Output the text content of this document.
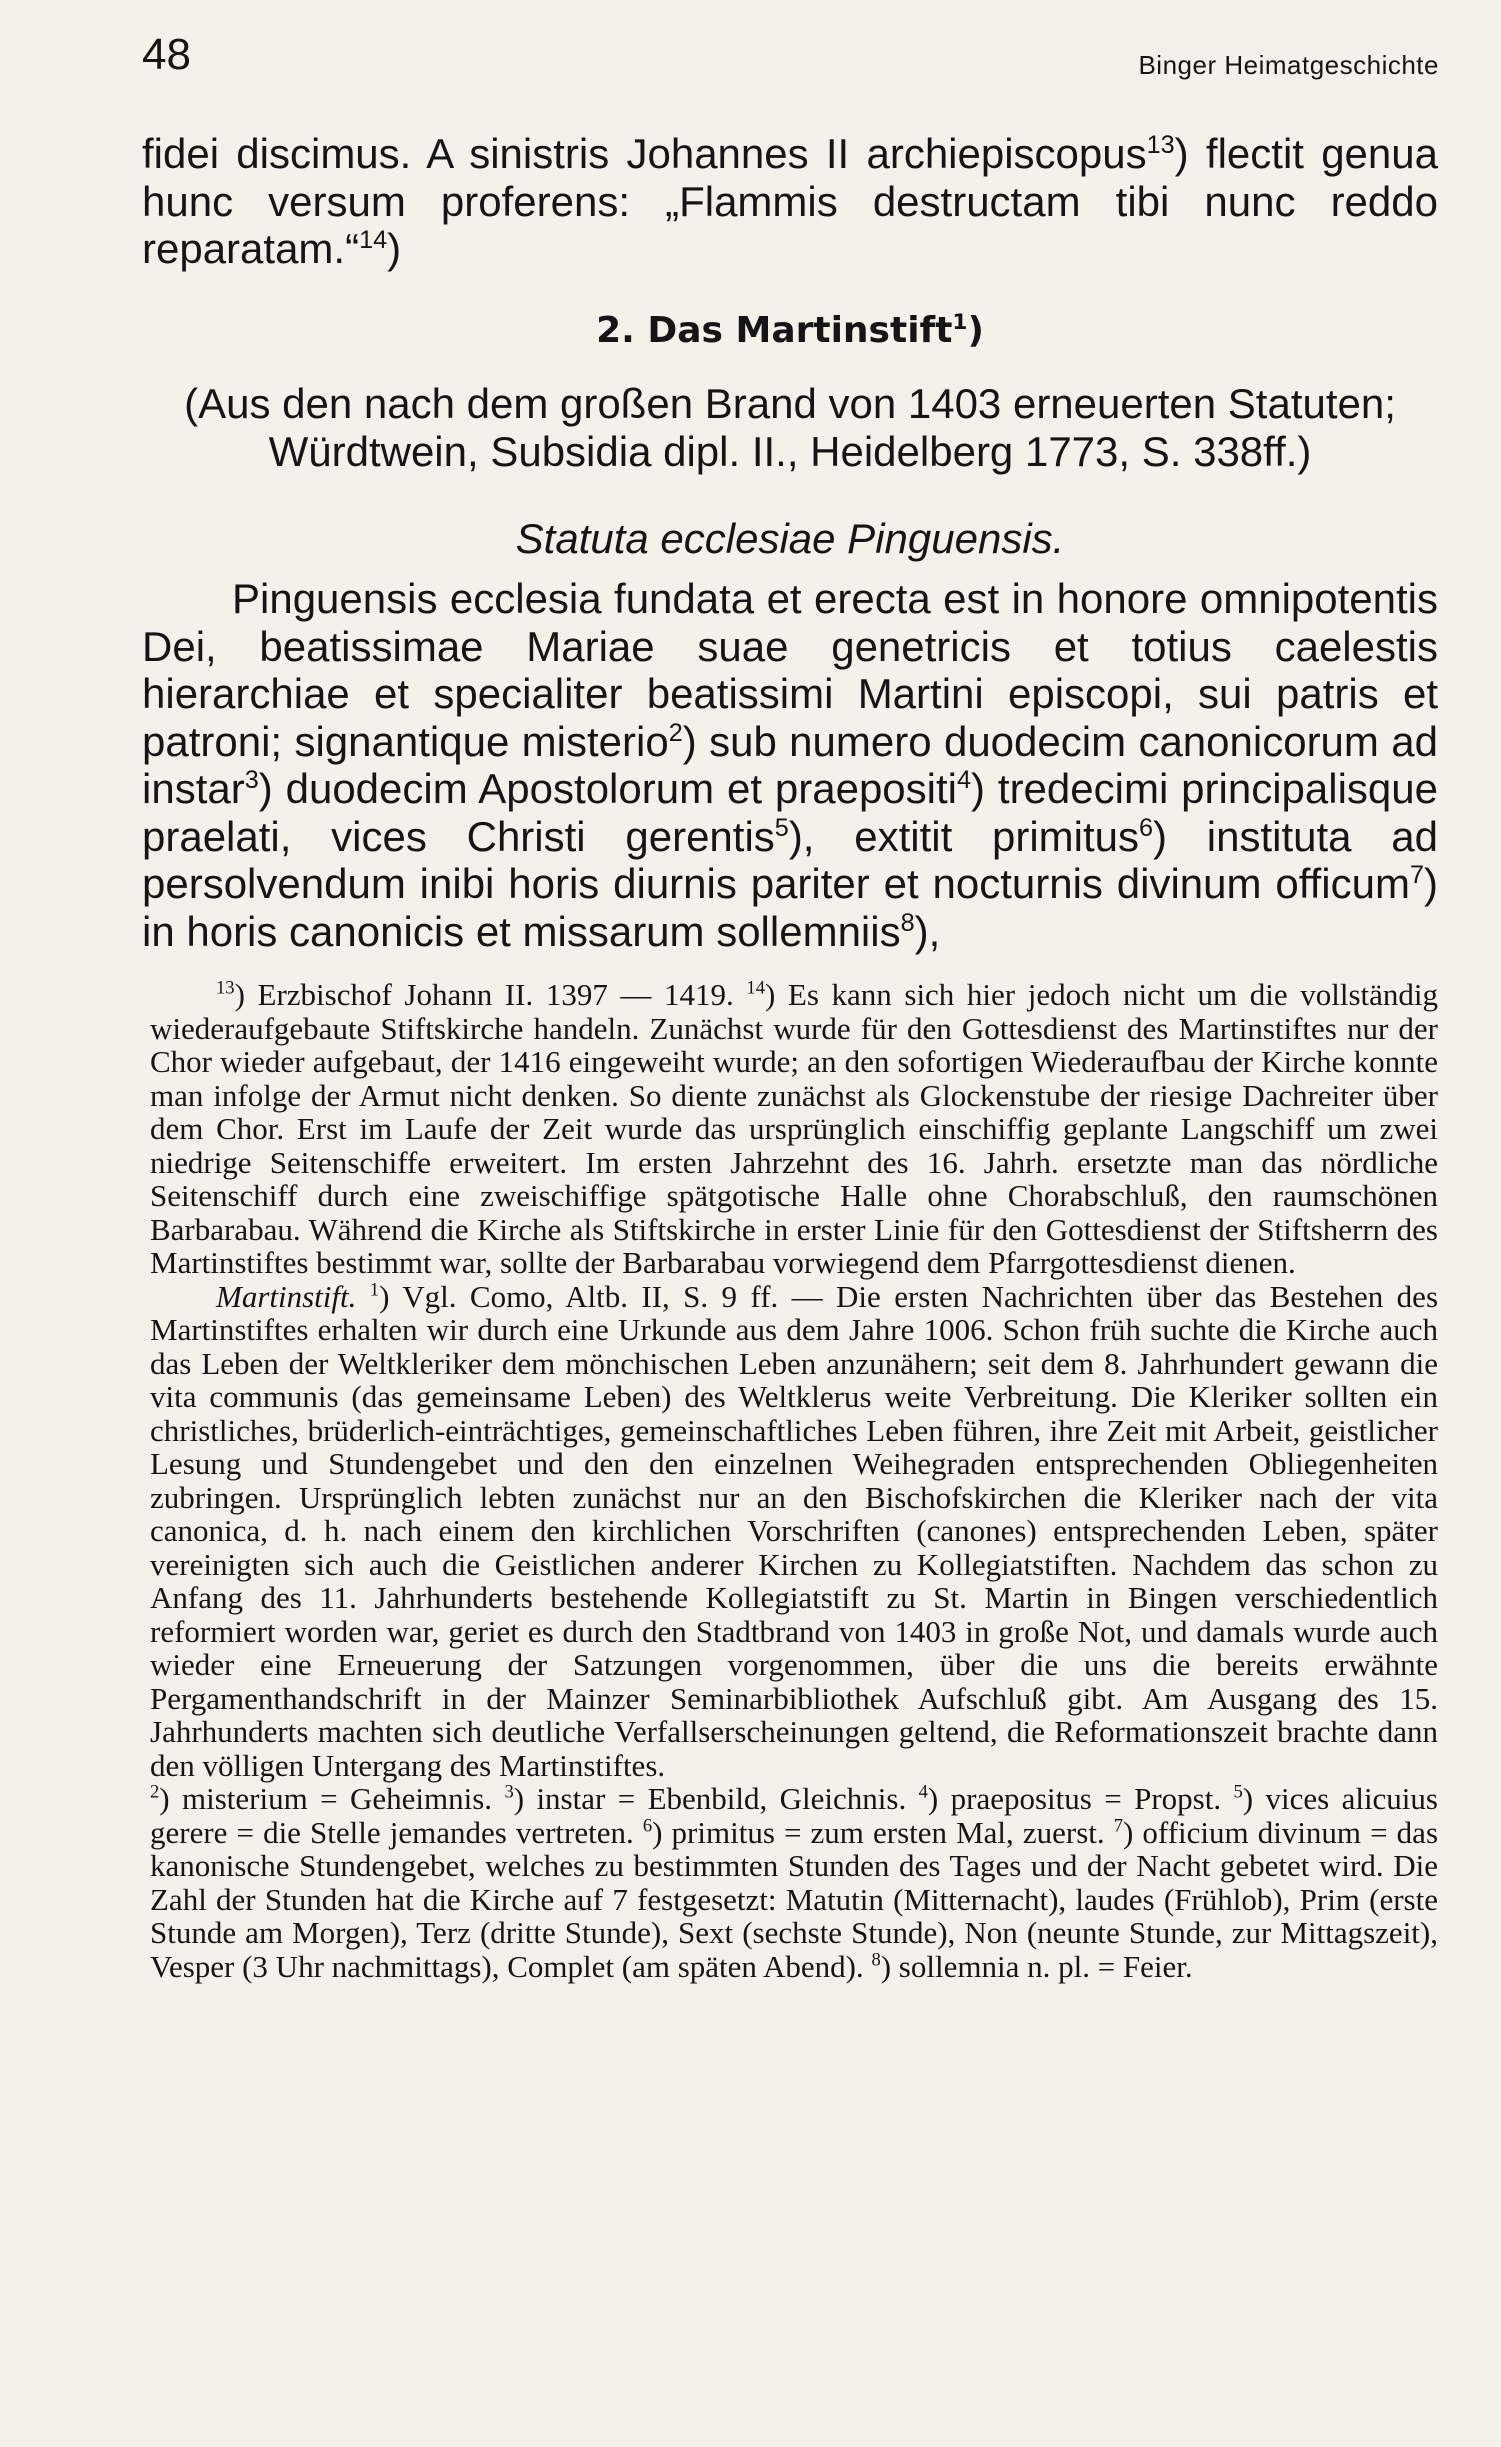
48	Binger Heimatgeschichte

fidei discimus. A sinistris Johannes II archiepiscopus$^{13}$) flectit genua hunc versum proferens: „Flammis destructam tibi nunc reddo reparatam.“$^{14}$)

2. Das Martinstift$^1$)

(Aus den nach dem großen Brand von 1403 erneuerten Statuten;

Würdtwein, Subsidia dipl. II., Heidelberg 1773, S. 338ff.)

Statuta ecclesiae Pinguensis.

Pinguensis ecclesia fundata et erecta est in honore omnipotentis Dei, beatissimae Mariae suae genetricis et totius caelestis hierarchiae et specialiter beatissimi Martini episcopi, sui patris et patroni; signantique misterio$^2$) sub numero duodecim canonicorum ad instar$^3$) duodecim Apostolorum et praepositi$^4$) tredecimi principalisque praelati, vices Christi gerentis$^5$), extitit primitus$^6$) instituta ad persolvendum inibi horis diurnis pariter et nocturnis divinum officum$^7$) in horis canonicis et missarum sollemniis$^8$),

$^{13}$) Erzbischof Johann II. 1397 — 1419. $^{14}$) Es kann sich hier jedoch nicht um die vollständig wiederaufgebaute Stiftskirche handeln. Zunächst wurde für den Gottesdienst des Martinstiftes nur der Chor wieder aufgebaut, der 1416 eingeweiht wurde; an den sofortigen Wiederaufbau der Kirche konnte man infolge der Armut nicht denken. So diente zunächst als Glockenstube der riesige Dachreiter über dem Chor. Erst im Laufe der Zeit wurde das ursprünglich einschiffig geplante Langschiff um zwei niedrige Seitenschiffe erweitert. Im ersten Jahrzehnt des 16. Jahrh. ersetzte man das nördliche Seitenschiff durch eine zweischiffige spätgotische Halle ohne Chorabschluß, den raumschönen Barbarabau. Während die Kirche als Stiftskirche in erster Linie für den Gottesdienst der Stiftsherrn des Martinstiftes bestimmt war, sollte der Barbarabau vorwiegend dem Pfarrgottesdienst dienen.

Martinstift. $^1$) Vgl. Como, Altb. II, S. 9 ff. — Die ersten Nachrichten über das Bestehen des Martinstiftes erhalten wir durch eine Urkunde aus dem Jahre 1006. Schon früh suchte die Kirche auch das Leben der Weltkleriker dem mönchischen Leben anzunähern; seit dem 8. Jahrhundert gewann die vita communis (das gemeinsame Leben) des Weltklerus weite Verbreitung. Die Kleriker sollten ein christliches, brüderlich-einträchtiges, gemeinschaftliches Leben führen, ihre Zeit mit Arbeit, geistlicher Lesung und Stundengebet und den den einzelnen Weihegraden entsprechenden Obliegenheiten zubringen. Ursprünglich lebten zunächst nur an den Bischofskirchen die Kleriker nach der vita canonica, d. h. nach einem den kirchlichen Vorschriften (canones) entsprechenden Leben, später vereinigten sich auch die Geistlichen anderer Kirchen zu Kollegiatstiften. Nachdem das schon zu Anfang des 11. Jahrhunderts bestehende Kollegiatstift zu St. Martin in Bingen verschiedentlich reformiert worden war, geriet es durch den Stadtbrand von 1403 in große Not, und damals wurde auch wieder eine Erneuerung der Satzungen vorgenommen, über die uns die bereits erwähnte Pergamenthandschrift in der Mainzer Seminarbibliothek Aufschluß gibt. Am Ausgang des 15. Jahrhunderts machten sich deutliche Verfallserscheinungen geltend, die Reformationszeit brachte dann den völligen Untergang des Martinstiftes.

$^2$) misterium = Geheimnis. $^3$) instar = Ebenbild, Gleichnis. $^4$) praepositus = Propst. $^5$) vices alicuius gerere = die Stelle jemandes vertreten. $^6$) primitus = zum ersten Mal, zuerst. $^7$) officium divinum = das kanonische Stundengebet, welches zu bestimmten Stunden des Tages und der Nacht gebetet wird. Die Zahl der Stunden hat die Kirche auf 7 festgesetzt: Matutin (Mitternacht), laudes (Frühlob), Prim (erste Stunde am Morgen), Terz (dritte Stunde), Sext (sechste Stunde), Non (neunte Stunde, zur Mittagszeit), Vesper (3 Uhr nachmittags), Complet (am späten Abend). $^8$) sollemnia n. pl. = Feier.
